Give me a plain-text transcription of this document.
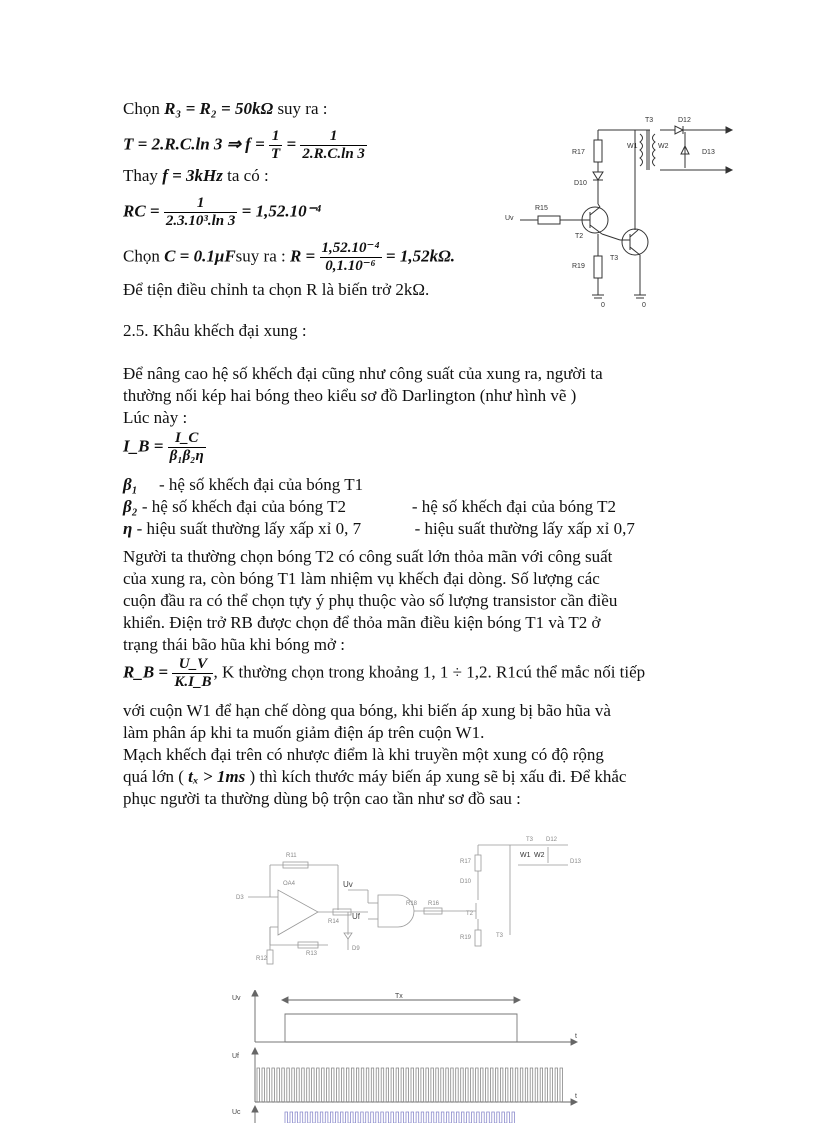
Chọn R₃ = R₂ = 50kΩ suy ra :
T = 2.R.C.ln 3 ⇒ $f = \frac{1}{T} = \frac{1}{2.R.C.\ln 3}$
Thay f = 3kHz ta có :
RC = $\frac{1}{\text{2.3.10³.ln 3}} = 1,52.10^{-4}$
Chọn C = 0.1μFsuy ra : $R = \frac{\text{1,52.10⁻⁴}}{\text{0,1.10⁻⁶}} = 1,52k\Omega$.
Để tiện điều chỉnh ta chọn R là biến trở 2kΩ.
T3	D12
W1	W2
D13
R17
D10
R15
Uv
T2
T3
R19
0	0
2.5. Khâu khếch đại xung :
Để nâng cao hệ số khếch đại cũng như công suất của xung ra, người ta
thường nối kép hai bóng theo kiểu sơ đồ Darlington (như hình vẽ )
Lúc này :
I_B = $\frac{I\_C}{\text{β₁β₂η}}$
β₁ - hệ số khếch đại của bóng T1
β₂ - hệ số khếch đại của bóng T2	- hệ số khếch đại của bóng T2
η - hiệu suất thường lấy xấp xỉ 0, 7	- hiệu suất thường lấy xấp xỉ 0,7
Người ta thường chọn bóng T2 có công suất lớn thỏa mãn với công suất
của xung ra, còn bóng T1 làm nhiệm vụ khếch đại dòng. Số lượng các
cuộn đầu ra có thể chọn tựy ý phụ thuộc vào số lượng transistor cần điều
khiển. Điện trở RB được chọn để thỏa mãn điều kiện bóng T1 và T2 ở
trạng thái bão hũa khi bóng mở :
R_B = $\frac{U\_V}{K.I\_B}$ , K thường chọn trong khoảng 1, 1 ÷ 1,2. R1cú thể mắc nối tiếp
với cuộn W1 để hạn chế dòng qua bóng, khi biến áp xung bị bão hũa và
làm phân áp khi ta muốn giảm điện áp trên cuộn W1.
Mạch khếch đại trên có nhược điểm là khi truyền một xung có độ rộng
quá lớn ( tₓ > 1ms ) thì kích thước máy biến áp xung sẽ bị xấu đi. Để khắc
phục người ta thường dùng bộ trộn cao tần như sơ đồ sau :
R11
OA4
D3
R14
Uv
Uf
R16
T3 D12
W1 W2
D13
R17
D10
R12
R13
R18
T2
R19	T3
D9
Uv
Uf
Uc
Tx
t
t
